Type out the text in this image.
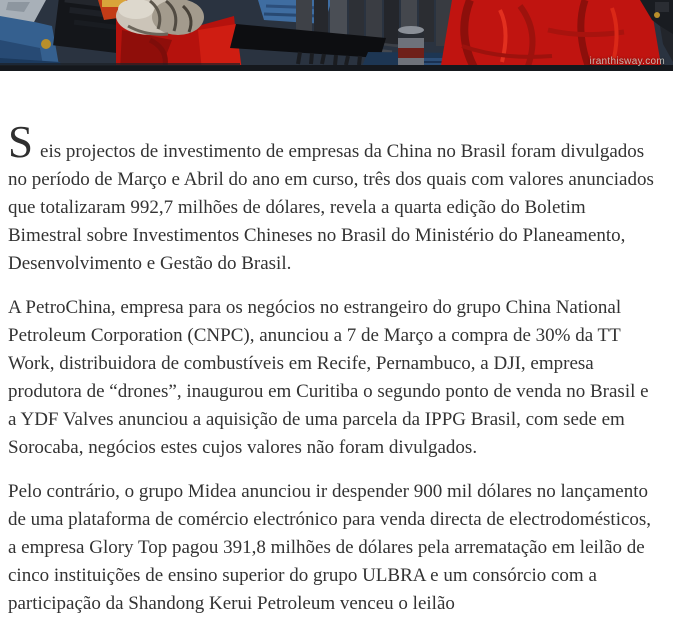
iranthisway.com

Seis projectos de investimento de empresas da China no Brasil foram divulgados no período de Março e Abril do ano em curso, três dos quais com valores anunciados que totalizaram 992,7 milhões de dólares, revela a quarta edição do Boletim Bimestral sobre Investimentos Chineses no Brasil do Ministério do Planeamento, Desenvolvimento e Gestão do Brasil.

A PetroChina, empresa para os negócios no estrangeiro do grupo China National Petroleum Corporation (CNPC), anunciou a 7 de Março a compra de 30% da TT Work, distribuidora de combustíveis em Recife, Pernambuco, a DJI, empresa produtora de “drones”, inaugurou em Curitiba o segundo ponto de venda no Brasil e a YDF Valves anunciou a aquisição de uma parcela da IPPG Brasil, com sede em Sorocaba, negócios estes cujos valores não foram divulgados.

Pelo contrário, o grupo Midea anunciou ir despender 900 mil dólares no lançamento de uma plataforma de comércio electrónico para venda directa de electrodomésticos, a empresa Glory Top pagou 391,8 milhões de dólares pela arrematação em leilão de cinco instituições de ensino superior do grupo ULBRA e um consórcio com a participação da Shandong Kerui Petroleum venceu o leilão
